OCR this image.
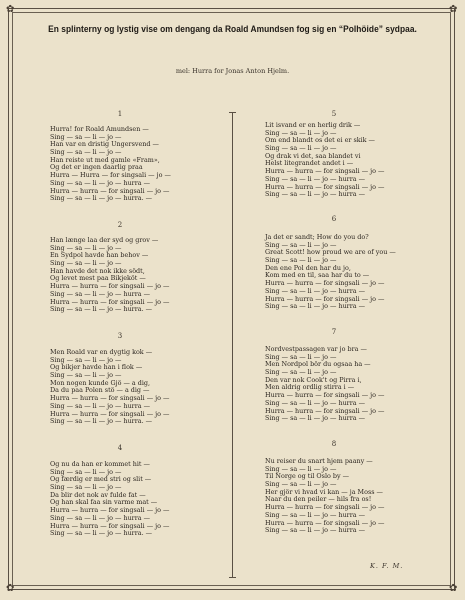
✿	✿
✿	✿
En splinterny og lystig vise om dengang da Roald Amundsen fog sig en “Polhöide” sydpaa.
mel: Hurra for Jonas Anton Hjelm.
1
Hurra! for Roald Amundsen —
Sing — sa — li — jo —
Han var en dristig Ungersvend —
Sing — sa — li — jo —
Han reiste ut med gamle «Fram»,
Og det er ingen daarlig praa
Hurra — Hurra — for singsali — jo —
Sing — sa — li — jo — hurra —
Hurra — hurra — for singsali — jo —
Sing — sa — li — jo — hurra. —
2
Han længe laa der syd og grov —
Sing — sa — li — jo —
En Sydpol havde han behov —
Sing — sa — li — jo —
Han havde det nok ikke södt,
Og levet mest paa Bikjeköt —
Hurra — hurra — for singsali — jo —
Sing — sa — li — jo — hurra —
Hurra — hurra — for singsali — jo —
Sing — sa — li — jo — hurra. —
3
Men Roald var en dygtig kok —
Sing — sa — li — jo —
Og bikjer havde han i flok —
Sing — sa — li — jo —
Mon nogen kunde Gjö — a dig,
Da du paa Polen stö — a dig —
Hurra — hurra — for singsali — jo —
Sing — sa — li — jo — hurra —
Hurra — hurra — for singsali — jo —
Sing — sa — li — jo — hurra. —
4
Og nu da han er kommet hit —
Sing — sa — li — jo —
Og færdig er med stri og slit —
Sing — sa — li — jo —
Da blir det nok av fulde fat —
Og han skal faa sin varme mat —
Hurra — hurra — for singsali — jo —
Sing — sa — li — jo — hurra —
Hurra — hurra — for singsali — jo —
Sing — sa — li — jo — hurra. —
5
Lit isvand er en herlig drik —
Sing — sa — li — jo —
Om end blandt os det ei er skik —
Sing — sa — li — jo —
Og drak vi det, saa blandet vi
Helst litegrandet andet i —
Hurra — hurra — for singsali — jo —
Sing — sa — li — jo — hurra —
Hurra — hurra — for singsali — jo —
Sing — sa — li — jo — hurra —
6
Ja det er sandt; How do you do?
Sing — sa — li — jo —
Great Scott! how proud we are of you —
Sing — sa — li — jo —
Den ene Pol den har du jo,
Kom med en til, saa har du to —
Hurra — hurra — for singsali — jo —
Sing — sa — li — jo — hurra —
Hurra — hurra — for singsali — jo —
Sing — sa — li — jo — hurra —
7
Nordvestpassagen var jo bra —
Sing — sa — li — jo —
Men Nordpol bör du ogsaa ha —
Sing — sa — li — jo —
Den var nok Cook't og Pirra i,
Men aldrig ordlig stirra i —
Hurra — hurra — for singsali — jo —
Sing — sa — li — jo — hurra —
Hurra — hurra — for singsali — jo —
Sing — sa — li — jo — hurra —
8
Nu reiser du snart hjem paany —
Sing — sa — li — jo —
Til Norge og til Oslo by —
Sing — sa — li — jo —
Her gjör vi hvad vi kan — ja Moss —
Naar du den peiler — hils fra os!
Hurra — hurra — for singsali — jo —
Sing — sa — li — jo — hurra —
Hurra — hurra — for singsali — jo —
Sing — sa — li — jo — hurra —
K. F. M.
